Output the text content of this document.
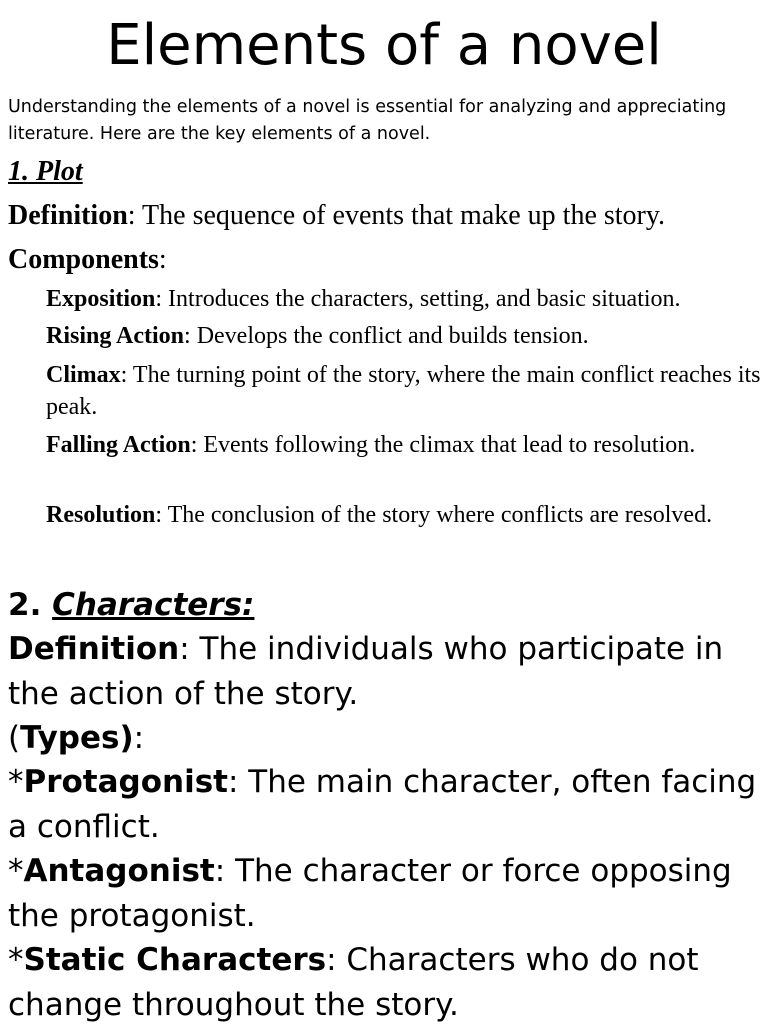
Elements of a novel

Understanding the elements of a novel is essential for analyzing and appreciating literature. Here are the key elements of a novel.

1. Plot
Definition: The sequence of events that make up the story.
Components:
Exposition: Introduces the characters, setting, and basic situation.
Rising Action: Develops the conflict and builds tension.
Climax: The turning point of the story, where the main conflict reaches its peak.
Falling Action: Events following the climax that lead to resolution.
Resolution: The conclusion of the story where conflicts are resolved.
2. Characters:
Definition: The individuals who participate in the action of the story.
(Types):
*Protagonist: The main character, often facing a conflict.
*Antagonist: The character or force opposing the protagonist.
*Static Characters: Characters who do not change throughout the story.
